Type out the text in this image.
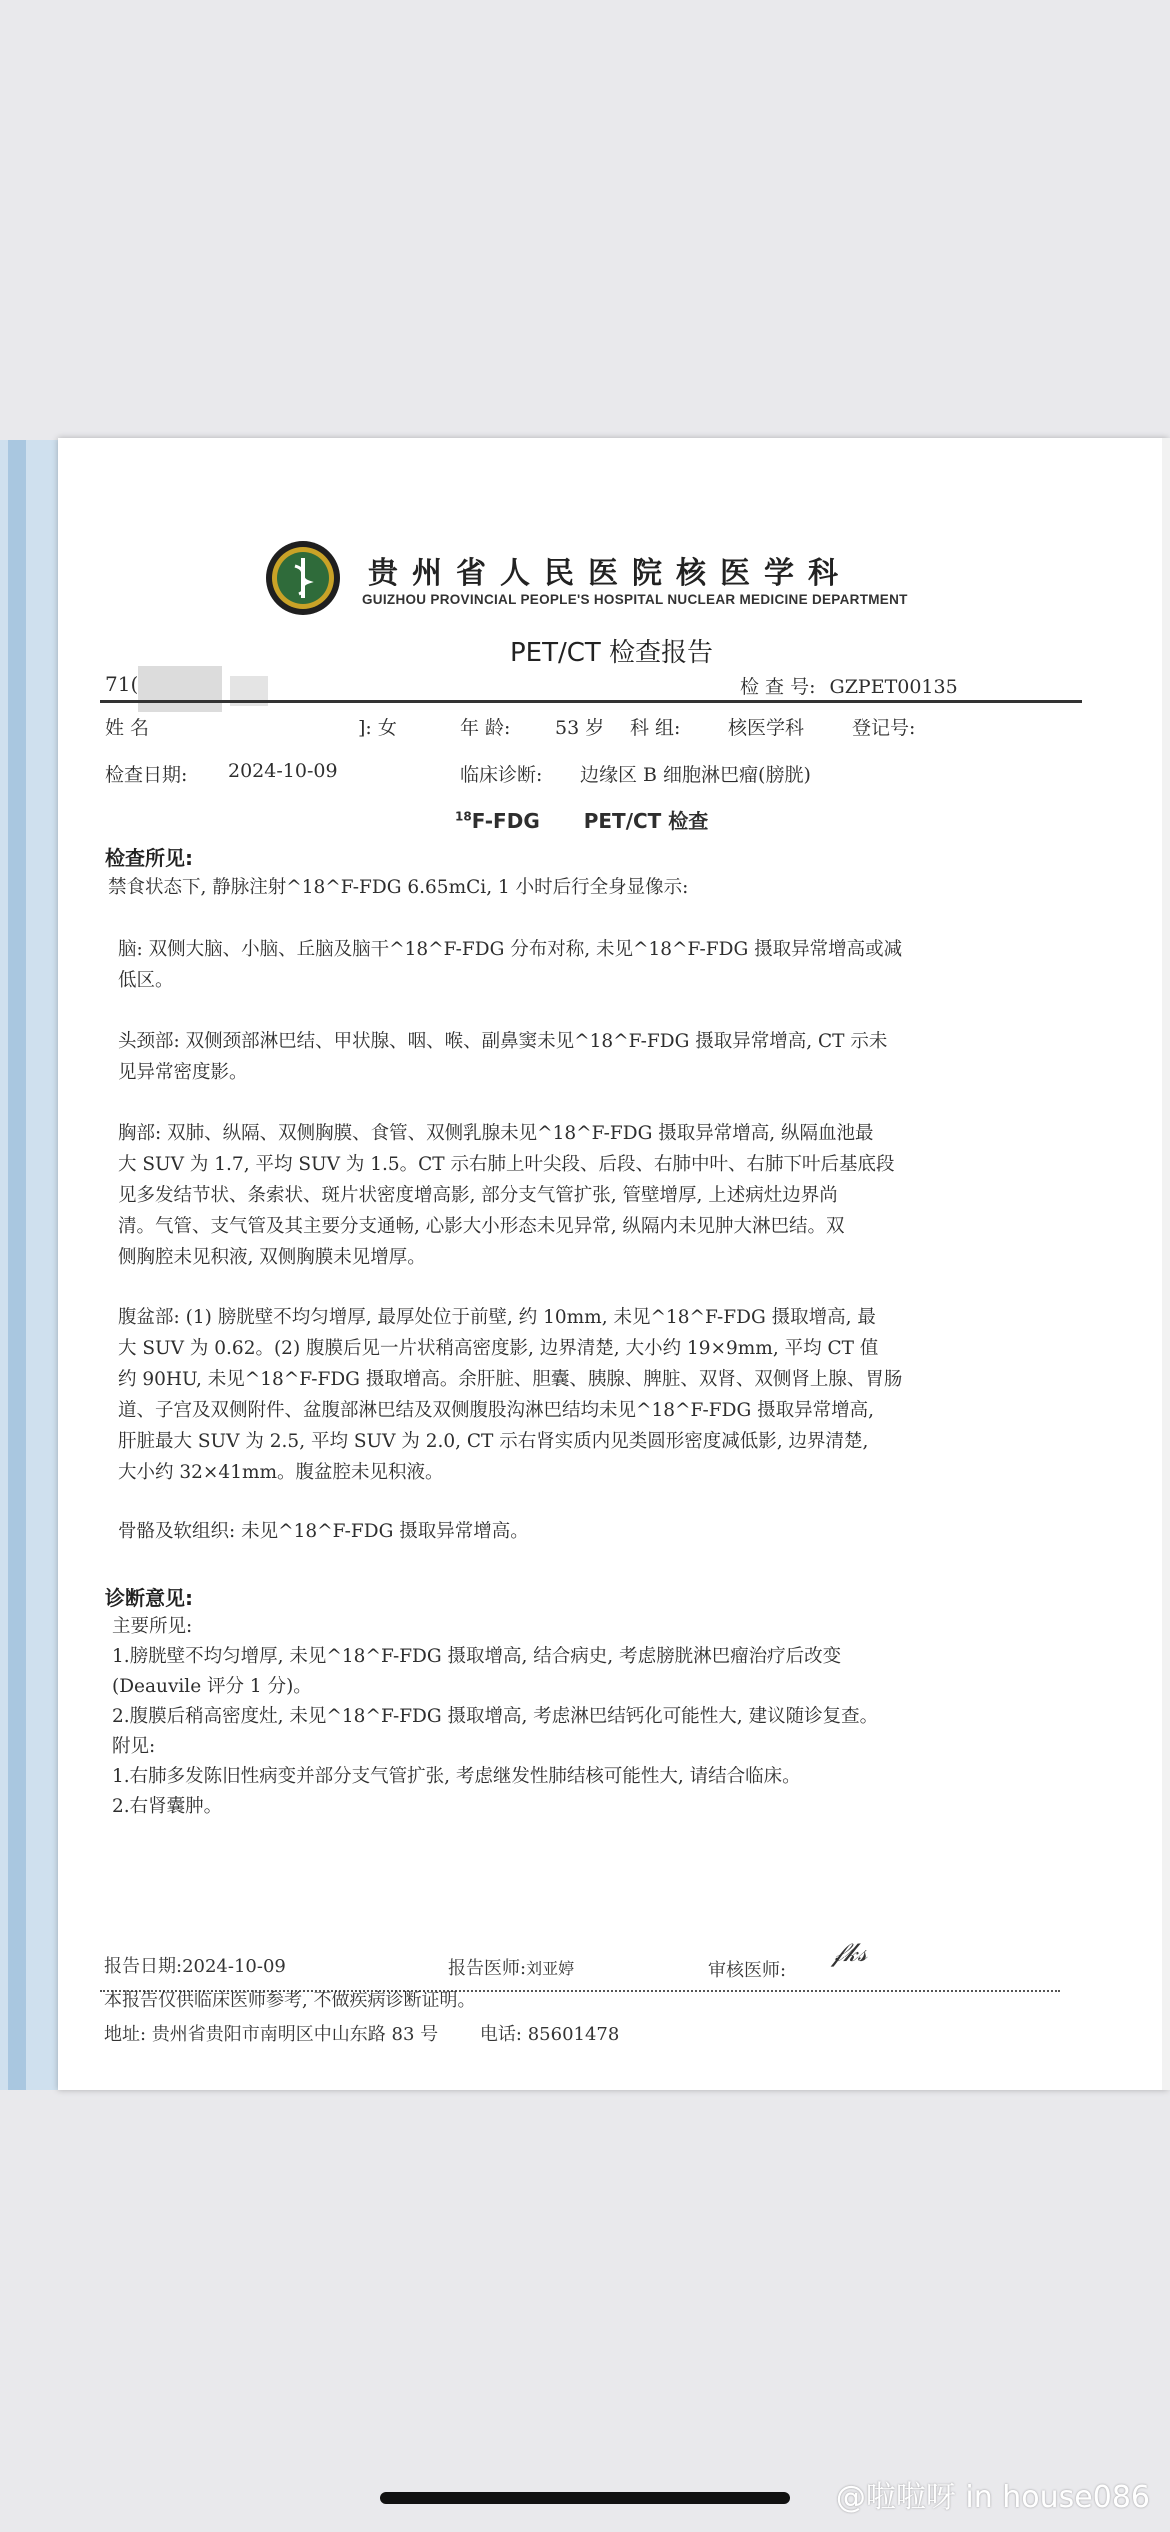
贵州省人民医院核医学科
GUIZHOU PROVINCIAL PEOPLE'S HOSPITAL NUCLEAR MEDICINE DEPARTMENT
PET/CT 检查报告
71(	检 查 号: GZPET00135
姓 名	]: 女	年 龄: 53 岁 科 组:	核医学科	登记号:
检查日期: 2024-10-09	临床诊断: 边缘区 B 细胞淋巴瘤(膀胱)
$^{18}$F-FDG PET/CT 检查
检查所见:
禁食状态下, 静脉注射^18^F-FDG 6.65mCi, 1 小时后行全身显像示:
脑: 双侧大脑、小脑、丘脑及脑干^18^F-FDG 分布对称, 未见^18^F-FDG 摄取异常增高或减
低区。
头颈部: 双侧颈部淋巴结、甲状腺、咽、喉、副鼻窦未见^18^F-FDG 摄取异常增高, CT 示未
见异常密度影。
胸部: 双肺、纵隔、双侧胸膜、食管、双侧乳腺未见^18^F-FDG 摄取异常增高, 纵隔血池最
大 SUV 为 1.7, 平均 SUV 为 1.5。CT 示右肺上叶尖段、后段、右肺中叶、右肺下叶后基底段
见多发结节状、条索状、斑片状密度增高影, 部分支气管扩张, 管壁增厚, 上述病灶边界尚
清。气管、支气管及其主要分支通畅, 心影大小形态未见异常, 纵隔内未见肿大淋巴结。双
侧胸腔未见积液, 双侧胸膜未见增厚。
腹盆部: (1) 膀胱壁不均匀增厚, 最厚处位于前壁, 约 10mm, 未见^18^F-FDG 摄取增高, 最
大 SUV 为 0.62。(2) 腹膜后见一片状稍高密度影, 边界清楚, 大小约 19×9mm, 平均 CT 值
约 90HU, 未见^18^F-FDG 摄取增高。余肝脏、胆囊、胰腺、脾脏、双肾、双侧肾上腺、胃肠
道、子宫及双侧附件、盆腹部淋巴结及双侧腹股沟淋巴结均未见^18^F-FDG 摄取异常增高,
肝脏最大 SUV 为 2.5, 平均 SUV 为 2.0, CT 示右肾实质内见类圆形密度减低影, 边界清楚,
大小约 32×41mm。腹盆腔未见积液。
骨骼及软组织: 未见^18^F-FDG 摄取异常增高。
诊断意见:
主要所见:
1.膀胱壁不均匀增厚, 未见^18^F-FDG 摄取增高, 结合病史, 考虑膀胱淋巴瘤治疗后改变
(Deauvile 评分 1 分)。
2.腹膜后稍高密度灶, 未见^18^F-FDG 摄取增高, 考虑淋巴结钙化可能性大, 建议随诊复查。
附见:
1.右肺多发陈旧性病变并部分支气管扩张, 考虑继发性肺结核可能性大, 请结合临床。
2.右肾囊肿。
报告日期:2024-10-09	报告医师:刘亚婷	审核医师:
𝒻𝓀𝓈
本报告仅供临床医师参考, 不做疾病诊断证明。
地址: 贵州省贵阳市南明区中山东路 83 号 电话: 85601478
@啦啦呀 in house086
